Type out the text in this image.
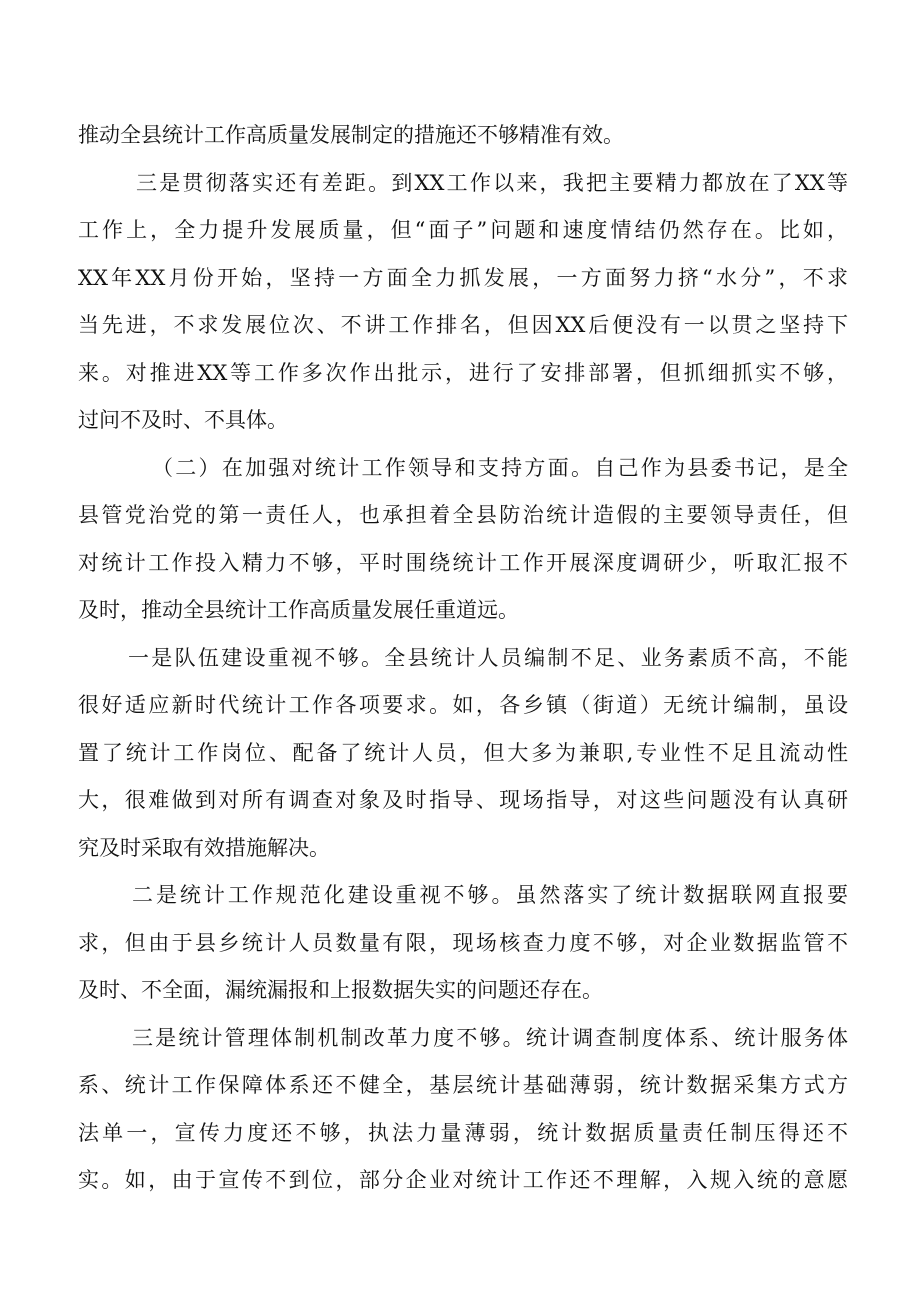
推动全县统计工作高质量发展制定的措施还不够精准有效。
三是贯彻落实还有差距。到XX工作以来，我把主要精力都放在了XX等
工作上，全力提升发展质量，但“面子”问题和速度情结仍然存在。比如，
XX年XX月份开始，坚持一方面全力抓发展，一方面努力挤“水分”，不求
当先进，不求发展位次、不讲工作排名，但因XX后便没有一以贯之坚持下
来。对推进XX等工作多次作出批示，进行了安排部署，但抓细抓实不够，
过问不及时、不具体。
（二）在加强对统计工作领导和支持方面。自己作为县委书记，是全
县管党治党的第一责任人，也承担着全县防治统计造假的主要领导责任，但
对统计工作投入精力不够，平时围绕统计工作开展深度调研少，听取汇报不
及时，推动全县统计工作高质量发展任重道远。
一是队伍建设重视不够。全县统计人员编制不足、业务素质不高，不能
很好适应新时代统计工作各项要求。如，各乡镇（街道）无统计编制，虽设
置了统计工作岗位、配备了统计人员，但大多为兼职,专业性不足且流动性
大，很难做到对所有调查对象及时指导、现场指导，对这些问题没有认真研
究及时采取有效措施解决。
二是统计工作规范化建设重视不够。虽然落实了统计数据联网直报要
求，但由于县乡统计人员数量有限，现场核查力度不够，对企业数据监管不
及时、不全面，漏统漏报和上报数据失实的问题还存在。
三是统计管理体制机制改革力度不够。统计调查制度体系、统计服务体
系、统计工作保障体系还不健全，基层统计基础薄弱，统计数据采集方式方
法单一，宣传力度还不够，执法力量薄弱，统计数据质量责任制压得还不
实。如，由于宣传不到位，部分企业对统计工作还不理解，入规入统的意愿
